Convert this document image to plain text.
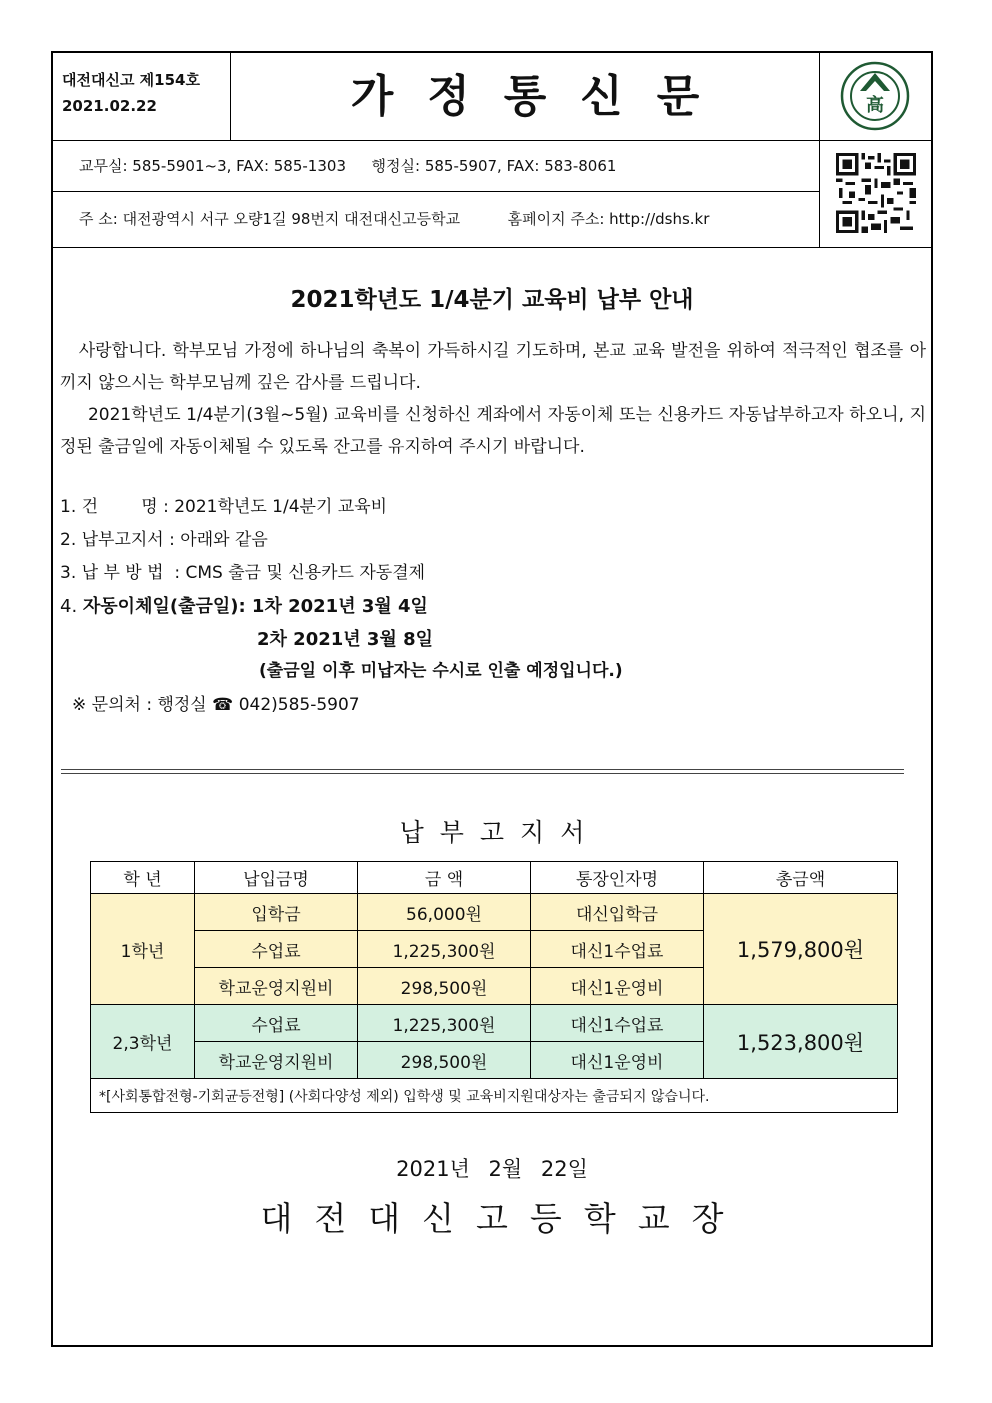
대전대신고 제154호
2021.02.22	가정통신문	高
교무실: 585-5901~3, FAX: 585-1303 행정실: 585-5907, FAX: 583-8061
주 소: 대전광역시 서구 오량1길 98번지 대전대신고등학교	홈페이지 주소: http://dshs.kr
2021학년도 1/4분기 교육비 납부 안내
사랑합니다. 학부모님 가정에 하나님의 축복이 가득하시길 기도하며, 본교 교육 발전을 위하여 적극적인 협조를 아끼지 않으시는 학부모님께 깊은 감사를 드립니다.
2021학년도 1/4분기(3월~5월) 교육비를 신청하신 계좌에서 자동이체 또는 신용카드 자동납부하고자 하오니, 지정된 출금일에 자동이체될 수 있도록 잔고를 유지하여 주시기 바랍니다.
1. 건        명 : 2021학년도 1/4분기 교육비
2. 납부고지서 : 아래와 같음
3. 납 부 방 법  : CMS 출금 및 신용카드 자동결제
4. 자동이체일(출금일): 1차 2021년 3월 4일
2차 2021년 3월 8일
(출금일 이후 미납자는 수시로 인출 예정입니다.)
※ 문의처 : 행정실 ☎ 042)585-5907
납부고지서
학 년	납입금명	금 액	통장인자명	총금액
1학년	입학금	56,000원	대신입학금	1,579,800원
	수업료	1,225,300원	대신1수업료	
	학교운영지원비	298,500원	대신1운영비	
2,3학년	수업료	1,225,300원	대신1수업료	1,523,800원
	학교운영지원비	298,500원	대신1운영비	
*[사회통합전형-기회균등전형] (사회다양성 제외) 입학생 및 교육비지원대상자는 출금되지 않습니다.				
2021년 2월 22일
대전대신고등학교장
